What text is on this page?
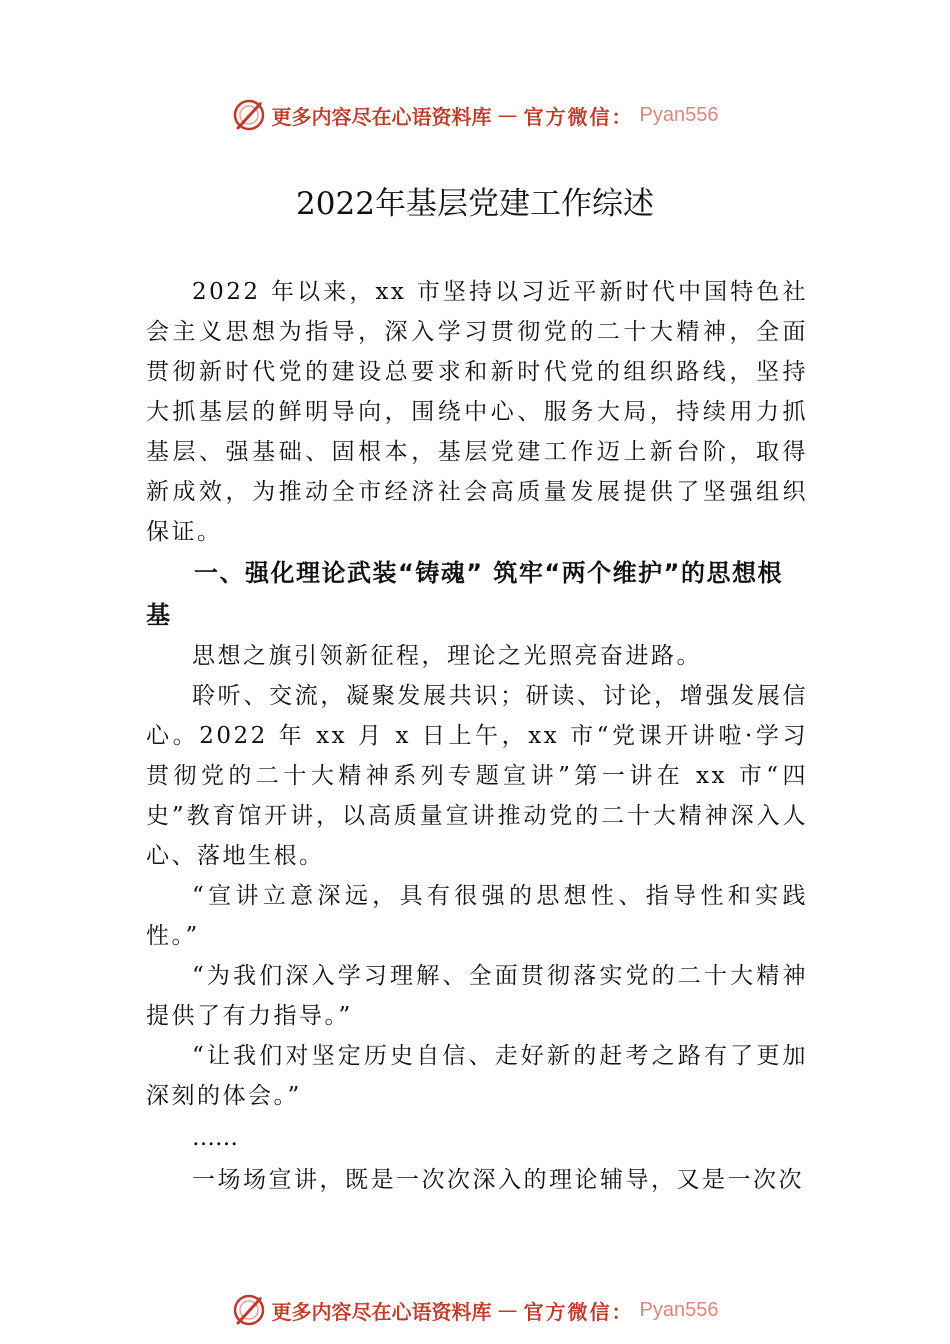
更多内容尽在心语资料库 — 官方微信： Pyan556
2022年基层党建工作综述

2022 年以来，xx 市坚持以习近平新时代中国特色社会主义思想为指导，深入学习贯彻党的二十大精神，全面贯彻新时代党的建设总要求和新时代党的组织路线，坚持大抓基层的鲜明导向，围绕中心、服务大局，持续用力抓基层、强基础、固根本，基层党建工作迈上新台阶，取得新成效，为推动全市经济社会高质量发展提供了坚强组织保证。

一、强化理论武装“铸魂” 筑牢“两个维护”的思想根基

思想之旗引领新征程，理论之光照亮奋进路。

聆听、交流，凝聚发展共识；研读、讨论，增强发展信心。2022 年 xx 月 x 日上午，xx 市“党课开讲啦·学习贯彻党的二十大精神系列专题宣讲”第一讲在 xx 市“四史”教育馆开讲，以高质量宣讲推动党的二十大精神深入人心、落地生根。

“宣讲立意深远，具有很强的思想性、指导性和实践性。”

“为我们深入学习理解、全面贯彻落实党的二十大精神提供了有力指导。”

“让我们对坚定历史自信、走好新的赶考之路有了更加深刻的体会。”

……

一场场宣讲，既是一次次深入的理论辅导，又是一次次

更多内容尽在心语资料库 — 官方微信： Pyan556
